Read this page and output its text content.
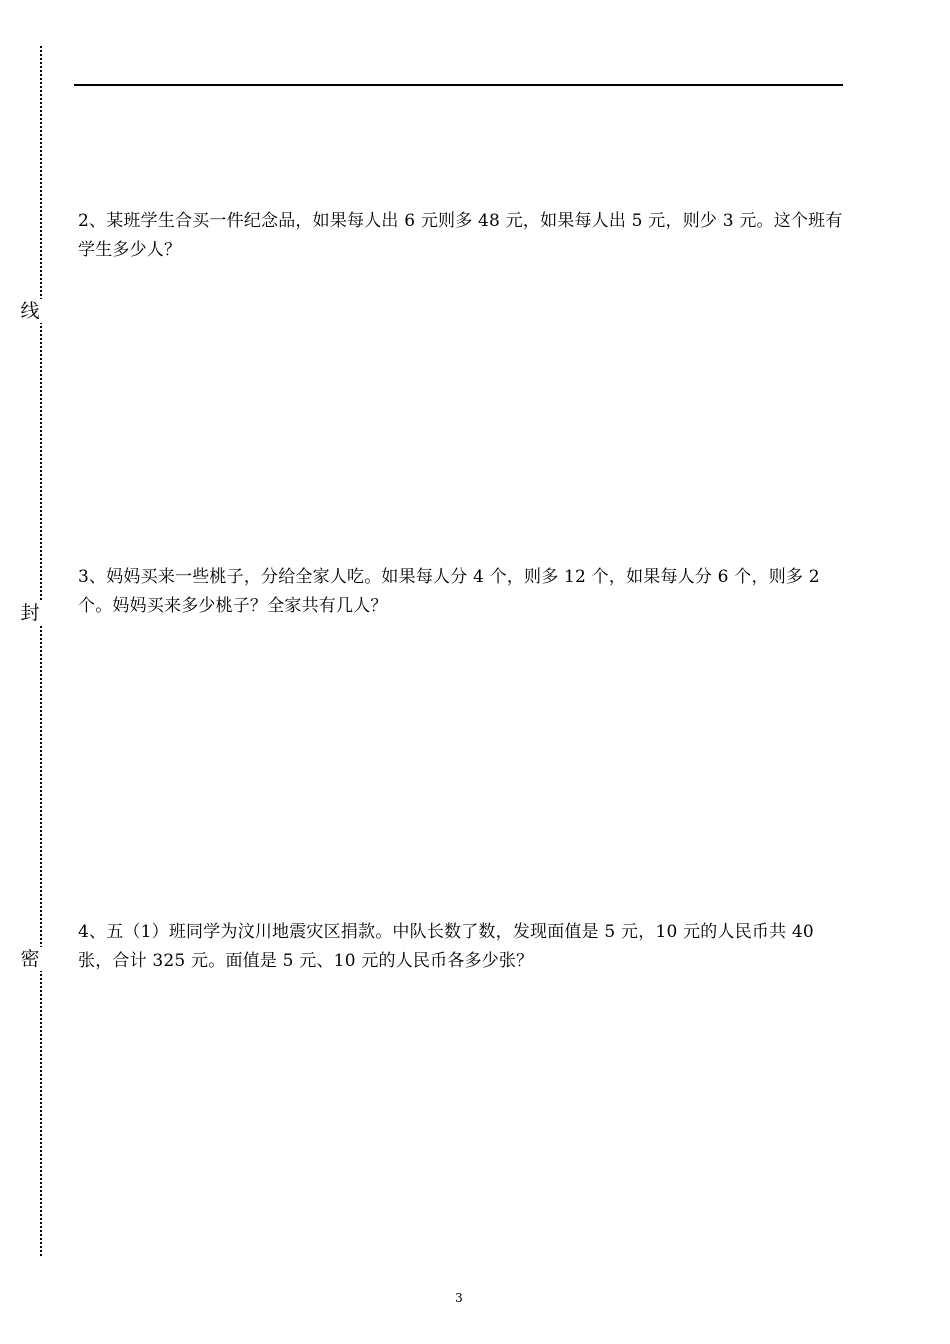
线
封
密

2、某班学生合买一件纪念品，如果每人出 6 元则多 48 元，如果每人出 5 元，则少 3 元。这个班有学生多少人？

3、妈妈买来一些桃子，分给全家人吃。如果每人分 4 个，则多 12 个，如果每人分 6 个，则多 2 个。妈妈买来多少桃子？全家共有几人？

4、五（1）班同学为汶川地震灾区捐款。中队长数了数，发现面值是 5 元，10 元的人民币共 40 张，合计 325 元。面值是 5 元、10 元的人民币各多少张？

3
